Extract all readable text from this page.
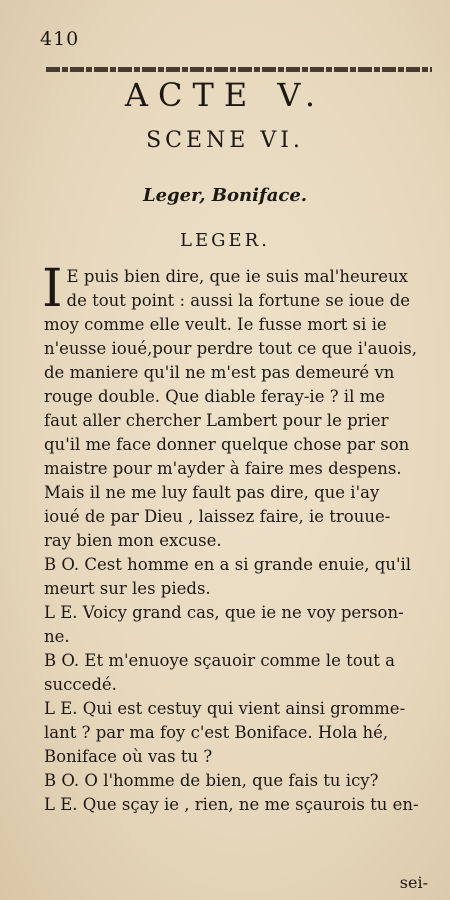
410
ACTE V.
SCENE VI.
Leger, Boniface.
LEGER.
I E puis bien dire, que ie suis mal'heureux
de tout point : aussi la fortune se ioue de
moy comme elle veult. Ie fusse mort si ie
n'eusse ioué,pour perdre tout ce que i'auois,
de maniere qu'il ne m'est pas demeuré vn
rouge double. Que diable feray-ie ? il me
faut aller chercher Lambert pour le prier
qu'il me face donner quelque chose par son
maistre pour m'ayder à faire mes despens.
Mais il ne me luy fault pas dire, que i'ay
ioué de par Dieu , laissez faire, ie trouue-
ray bien mon excuse.
B O. Cest homme en a si grande enuie, qu'il
meurt sur les pieds.
L E. Voicy grand cas, que ie ne voy person-
ne.
B O. Et m'enuoye sçauoir comme le tout a
succedé.
L E. Qui est cestuy qui vient ainsi gromme-
lant ? par ma foy c'est Boniface. Hola hé,
Boniface où vas tu ?
B O. O l'homme de bien, que fais tu icy?
L E. Que sçay ie , rien, ne me sçaurois tu en-
sei-
